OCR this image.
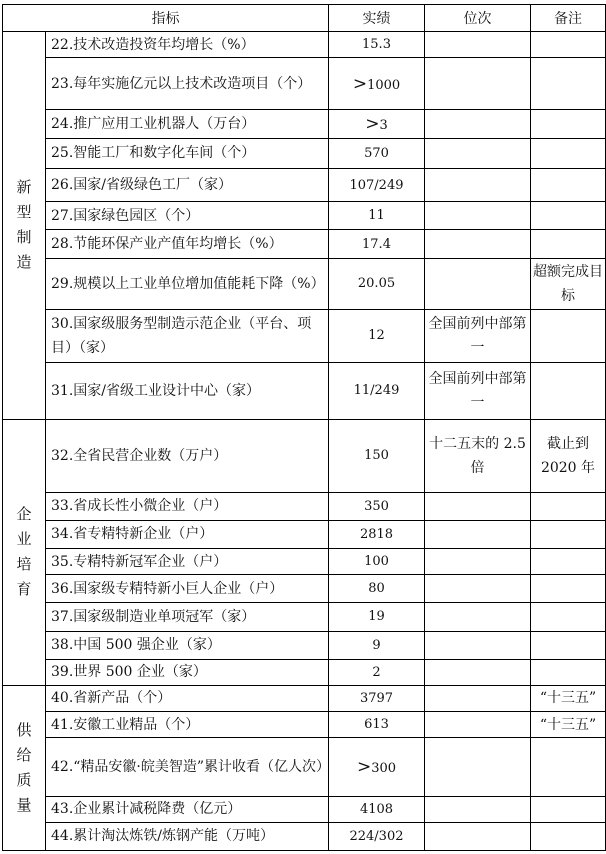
指标		实绩	位次	备注
新型制造	22.技术改造投资年均增长（%）	15.3		
	23.每年实施亿元以上技术改造项目（个）	>1000		
	24.推广应用工业机器人（万台）	>3		
	25.智能工厂和数字化车间（个）	570		
	26.国家/省级绿色工厂（家）	107/249		
	27.国家绿色园区（个）	11		
	28.节能环保产业产值年均增长（%）	17.4		
	29.规模以上工业单位增加值能耗下降（%）	20.05		超额完成目标
	30.国家级服务型制造示范企业（平台、项目）（家）	12	全国前列中部第一	
	31.国家/省级工业设计中心（家）	11/249	全国前列中部第一	
企业培育	32.全省民营企业数（万户）	150	十二五末的 2.5 倍	截止到2020 年
	33.省成长性小微企业（户）	350		
	34.省专精特新企业（户）	2818		
	35.专精特新冠军企业（户）	100		
	36.国家级专精特新小巨人企业（户）	80		
	37.国家级制造业单项冠军（家）	19		
	38.中国 500 强企业（家）	9		
	39.世界 500 企业（家）	2		
供给质量	40.省新产品（个）	3797		“十三五”
	41.安徽工业精品（个）	613		“十三五”
	42.“精品安徽·皖美智造”累计收看（亿人次）	>300		
	43.企业累计减税降费（亿元）	4108		
	44.累计淘汰炼铁/炼钢产能（万吨）	224/302		
